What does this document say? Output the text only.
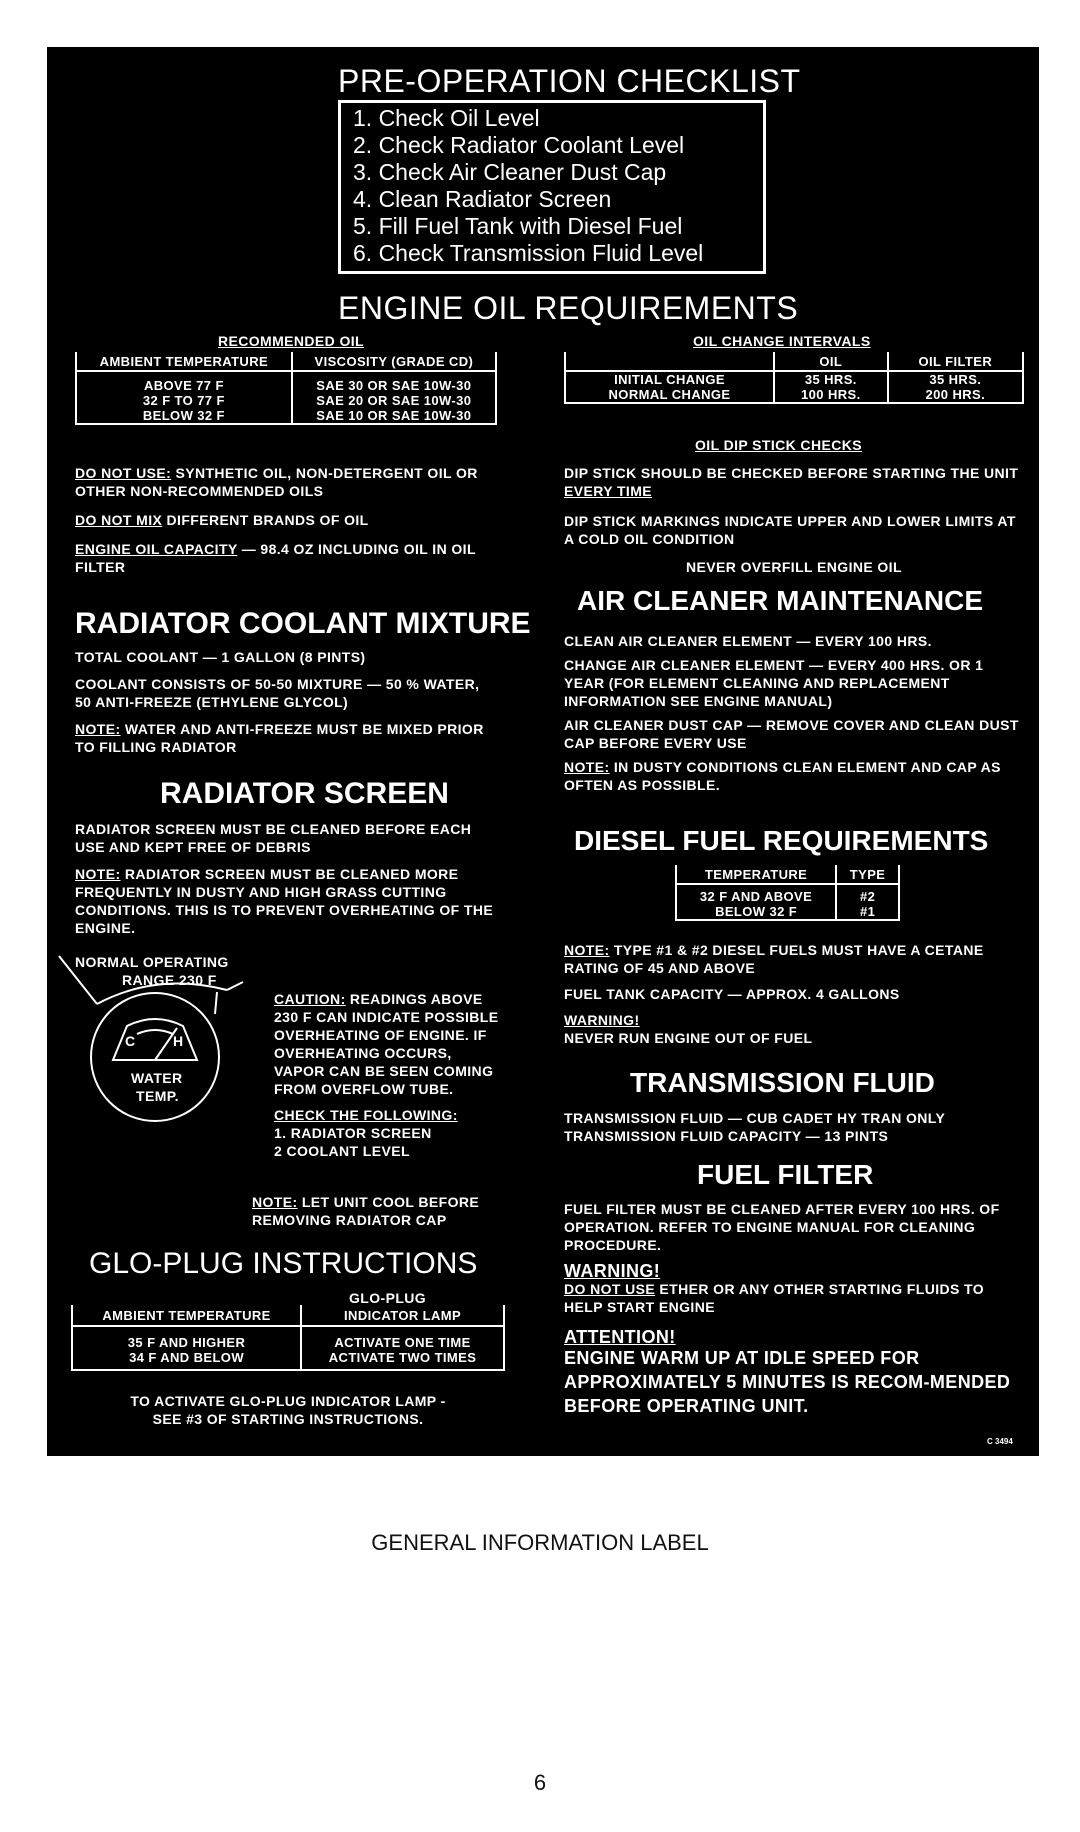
PRE-OPERATION CHECKLIST
1. Check Oil Level
2. Check Radiator Coolant Level
3. Check Air Cleaner Dust Cap
4. Clean Radiator Screen
5. Fill Fuel Tank with Diesel Fuel
6. Check Transmission Fluid Level
ENGINE OIL REQUIREMENTS
RECOMMENDED OIL
AMBIENT TEMPERATURE	VISCOSITY (GRADE CD)
ABOVE 77 F	SAE 30 OR SAE 10W-30
32 F TO 77 F	SAE 20 OR SAE 10W-30
BELOW 32 F	SAE 10 OR SAE 10W-30

DO NOT USE: SYNTHETIC OIL, NON-DETERGENT OIL OR OTHER NON-RECOMMENDED OILS

DO NOT MIX DIFFERENT BRANDS OF OIL

ENGINE OIL CAPACITY — 98.4 OZ INCLUDING OIL IN OIL FILTER

OIL CHANGE INTERVALS
	OIL	OIL FILTER
INITIAL CHANGE	35 HRS.	35 HRS.
NORMAL CHANGE	100 HRS.	200 HRS.
OIL DIP STICK CHECKS

DIP STICK SHOULD BE CHECKED BEFORE STARTING THE UNIT EVERY TIME

DIP STICK MARKINGS INDICATE UPPER AND LOWER LIMITS AT A COLD OIL CONDITION

NEVER OVERFILL ENGINE OIL

RADIATOR COOLANT MIXTURE

TOTAL COOLANT — 1 GALLON (8 PINTS)

COOLANT CONSISTS OF 50-50 MIXTURE — 50 % WATER, 50 ANTI-FREEZE (ETHYLENE GLYCOL)

NOTE: WATER AND ANTI-FREEZE MUST BE MIXED PRIOR TO FILLING RADIATOR

RADIATOR SCREEN

RADIATOR SCREEN MUST BE CLEANED BEFORE EACH USE AND KEPT FREE OF DEBRIS

NOTE: RADIATOR SCREEN MUST BE CLEANED MORE FREQUENTLY IN DUSTY AND HIGH GRASS CUTTING CONDITIONS. THIS IS TO PREVENT OVERHEATING OF THE ENGINE.

NORMAL OPERATING
RANGE 230 F
C	H
WATER
TEMP.

CAUTION: READINGS ABOVE 230 F CAN INDICATE POSSIBLE OVERHEATING OF ENGINE. IF OVERHEATING OCCURS, VAPOR CAN BE SEEN COMING FROM OVERFLOW TUBE.

CHECK THE FOLLOWING:

1. RADIATOR SCREEN

2 COOLANT LEVEL

NOTE: LET UNIT COOL BEFORE REMOVING RADIATOR CAP

GLO-PLUG INSTRUCTIONS
GLO-PLUG
AMBIENT TEMPERATURE	INDICATOR LAMP
35 F AND HIGHER	ACTIVATE ONE TIME
34 F AND BELOW	ACTIVATE TWO TIMES

TO ACTIVATE GLO-PLUG INDICATOR LAMP -

SEE #3 OF STARTING INSTRUCTIONS.

AIR CLEANER MAINTENANCE

CLEAN AIR CLEANER ELEMENT — EVERY 100 HRS.

CHANGE AIR CLEANER ELEMENT — EVERY 400 HRS. OR 1 YEAR (FOR ELEMENT CLEANING AND REPLACEMENT INFORMATION SEE ENGINE MANUAL)

AIR CLEANER DUST CAP — REMOVE COVER AND CLEAN DUST CAP BEFORE EVERY USE

NOTE: IN DUSTY CONDITIONS CLEAN ELEMENT AND CAP AS OFTEN AS POSSIBLE.

DIESEL FUEL REQUIREMENTS
TEMPERATURE	TYPE
32 F AND ABOVE	#2
BELOW 32 F	#1

NOTE: TYPE #1 & #2 DIESEL FUELS MUST HAVE A CETANE RATING OF 45 AND ABOVE

FUEL TANK CAPACITY — APPROX. 4 GALLONS

WARNING!

NEVER RUN ENGINE OUT OF FUEL

TRANSMISSION FLUID

TRANSMISSION FLUID — CUB CADET HY TRAN ONLY

TRANSMISSION FLUID CAPACITY — 13 PINTS

FUEL FILTER

FUEL FILTER MUST BE CLEANED AFTER EVERY 100 HRS. OF OPERATION. REFER TO ENGINE MANUAL FOR CLEANING PROCEDURE.

WARNING!

DO NOT USE ETHER OR ANY OTHER STARTING FLUIDS TO HELP START ENGINE

ATTENTION!

ENGINE WARM UP AT IDLE SPEED FOR APPROXIMATELY 5 MINUTES IS RECOM-MENDED BEFORE OPERATING UNIT.

C 3494
GENERAL INFORMATION LABEL
6
